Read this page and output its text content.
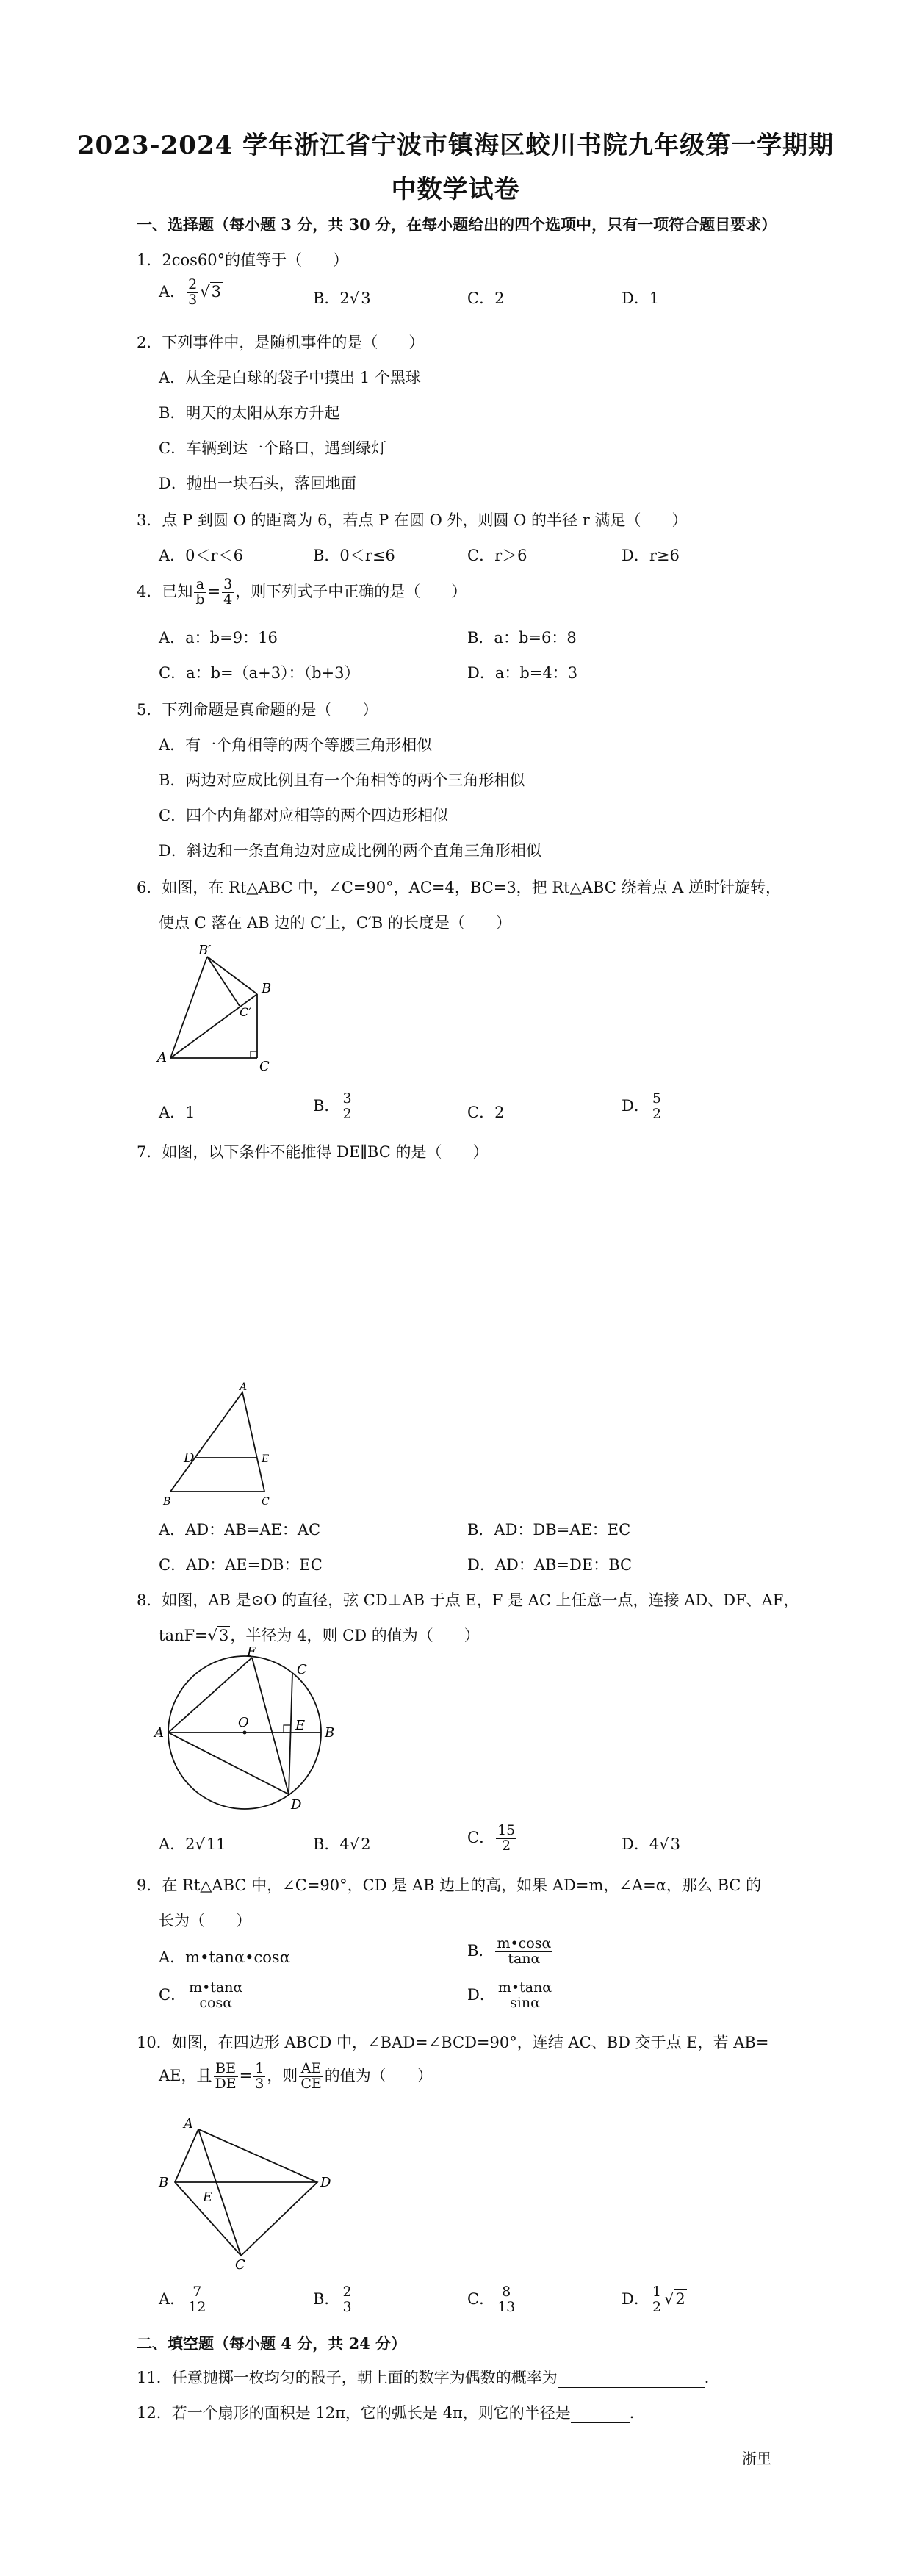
2023-2024 学年浙江省宁波市镇海区蛟川书院九年级第一学期期
中数学试卷
一、选择题（每小题 3 分，共 30 分，在每小题给出的四个选项中，只有一项符合题目要求）
1．2cos60°的值等于（　　）
A． $\frac{2}{3} √3$	B．2√3	C．2	D．1
2．下列事件中，是随机事件的是（　　）
A．从全是白球的袋子中摸出 1 个黑球
B．明天的太阳从东方升起
C．车辆到达一个路口，遇到绿灯
D．抛出一块石头，落回地面
3．点 P 到圆 O 的距离为 6，若点 P 在圆 O 外，则圆 O 的半径 r 满足（　　）
A．0＜r＜6	B．0＜r≤6	C．r＞6	D．r≥6
4．已知 $\frac{a}{b} = \frac{3}{4}$ ，则下列式子中正确的是（　　）
A．a：b=9：16	B．a：b=6：8
C．a：b=（a+3）：（b+3）	D．a：b=4：3
5．下列命题是真命题的是（　　）
A．有一个角相等的两个等腰三角形相似
B．两边对应成比例且有一个角相等的两个三角形相似
C．四个内角都对应相等的两个四边形相似
D．斜边和一条直角边对应成比例的两个直角三角形相似
6．如图，在 Rt△ABC 中，∠C=90°，AC=4，BC=3，把 Rt△ABC 绕着点 A 逆时针旋转，
使点 C 落在 AB 边的 C′上，C′B 的长度是（　　）
B′
B
C′
A
C
A．1	B． $\frac{3}{2}$	C．2	D． $\frac{5}{2}$
7．如图，以下条件不能推得 DE∥BC 的是（　　）
A
D	E
B	C
A．AD：AB=AE：AC	B．AD：DB=AE：EC
C．AD：AE=DB：EC	D．AD：AB=DE：BC
8．如图，AB 是⊙O 的直径，弦 CD⊥AB 于点 E，F 是 AC 上任意一点，连接 AD、DF、AF，
tanF=√3，半径为 4，则 CD 的值为（　　）
F
C
A
O	E B
D
A．2√11	B．4√2	C． $\frac{15}{2}$	D．4√3
9．在 Rt△ABC 中，∠C=90°，CD 是 AB 边上的高，如果 AD=m，∠A=α，那么 BC 的
长为（　　）
A．m•tanα•cosα	B． $\frac{m•\cos\alpha}{\tan\alpha}$
C． $\frac{m•\tan\alpha}{\cos\alpha}$	D． $\frac{m•\tan\alpha}{\sin\alpha}$
10．如图，在四边形 ABCD 中，∠BAD=∠BCD=90°，连结 AC、BD 交于点 E，若 AB=
AE，且 $\frac{BE}{DE} = \frac{1}{3}$ ，则 $\frac{AE}{CE}$ 的值为（　　）
A
B
E
D
C
A． $\frac{7}{12}$	B． $\frac{2}{3}$	C． $\frac{8}{13}$	D． $\frac{1}{2} √2$
二、填空题（每小题 4 分，共 24 分）
11．任意抛掷一枚均匀的骰子，朝上面的数字为偶数的概率为	．
12．若一个扇形的面积是 12π，它的弧长是 4π，则它的半径是	．
浙里
